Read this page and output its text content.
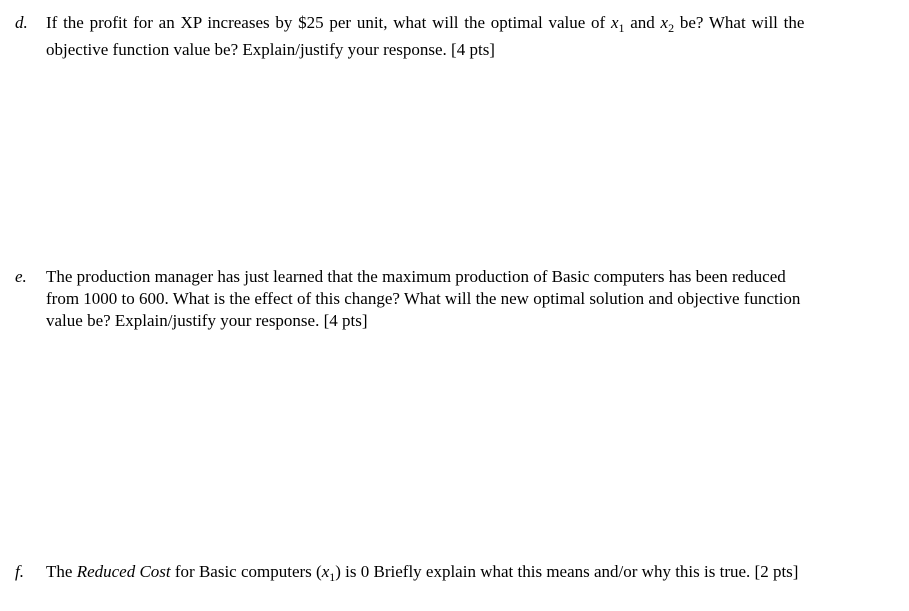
d. If the profit for an XP increases by $25 per unit, what will the optimal value of $x_1$ and $x_2$ be? What will the
objective function value be? Explain/justify your response. [4 pts]
e. The production manager has just learned that the maximum production of Basic computers has been reduced
from 1000 to 600. What is the effect of this change? What will the new optimal solution and objective function
value be? Explain/justify your response. [4 pts]
f. The Reduced Cost for Basic computers $(x_1)$ is 0 Briefly explain what this means and/or why this is true. [2 pts]
